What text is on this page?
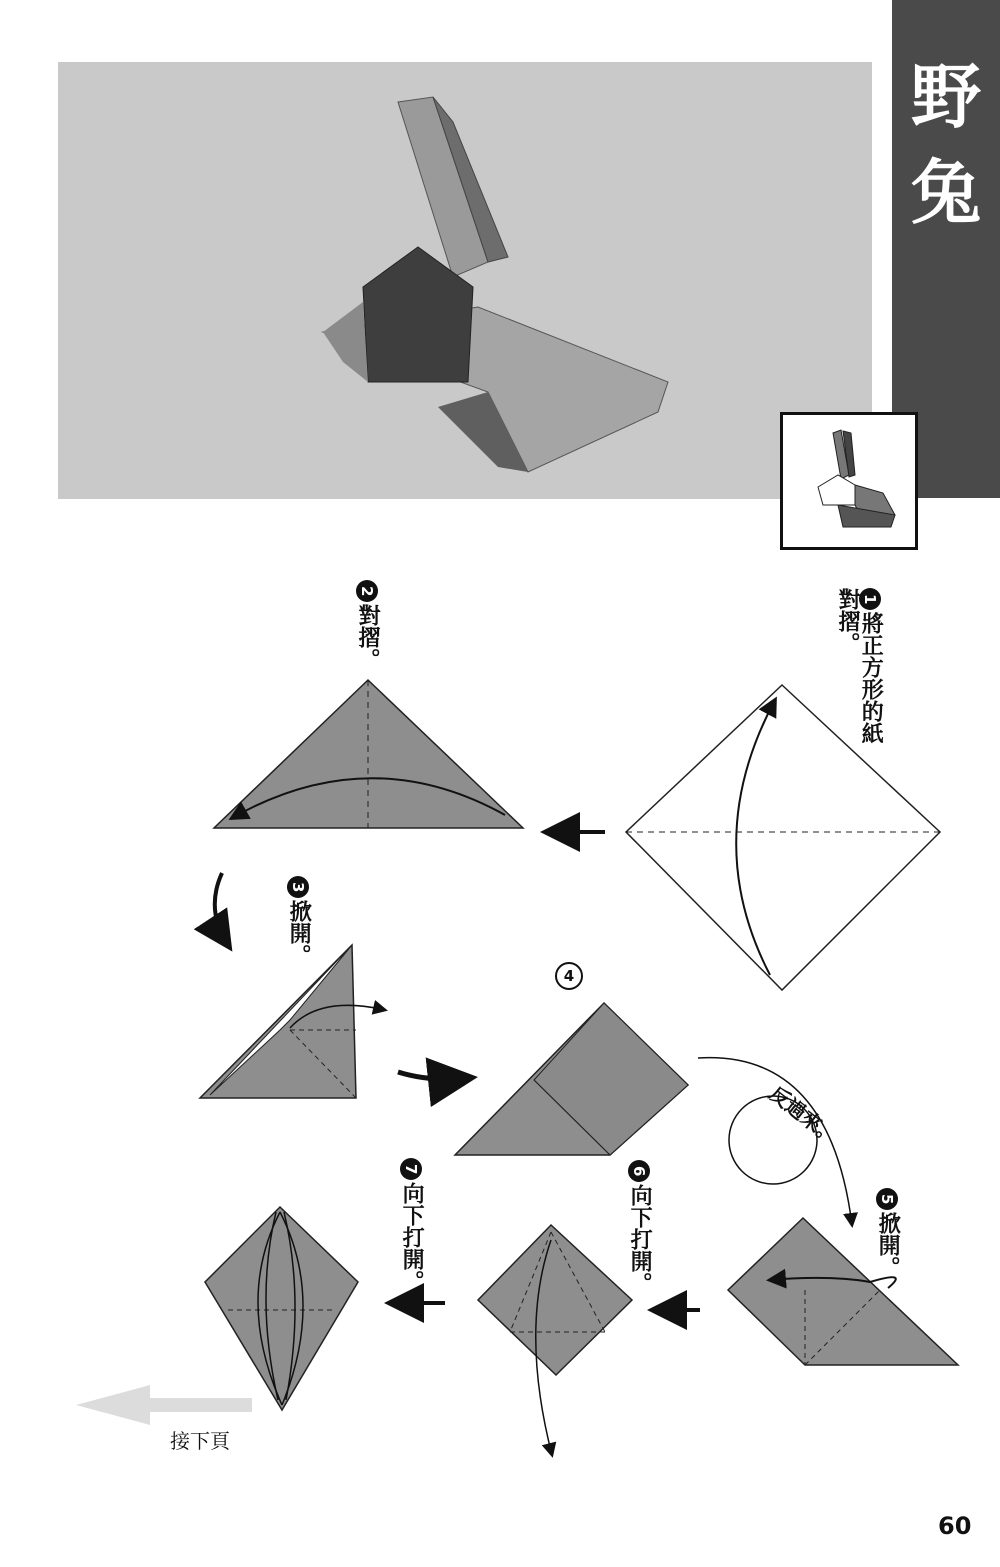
野
兔
1將正方形的紙對摺。
2對摺。
3掀開。
4
5掀開。
6向下打開。
7向下打開。
反過來。
接下頁
60
